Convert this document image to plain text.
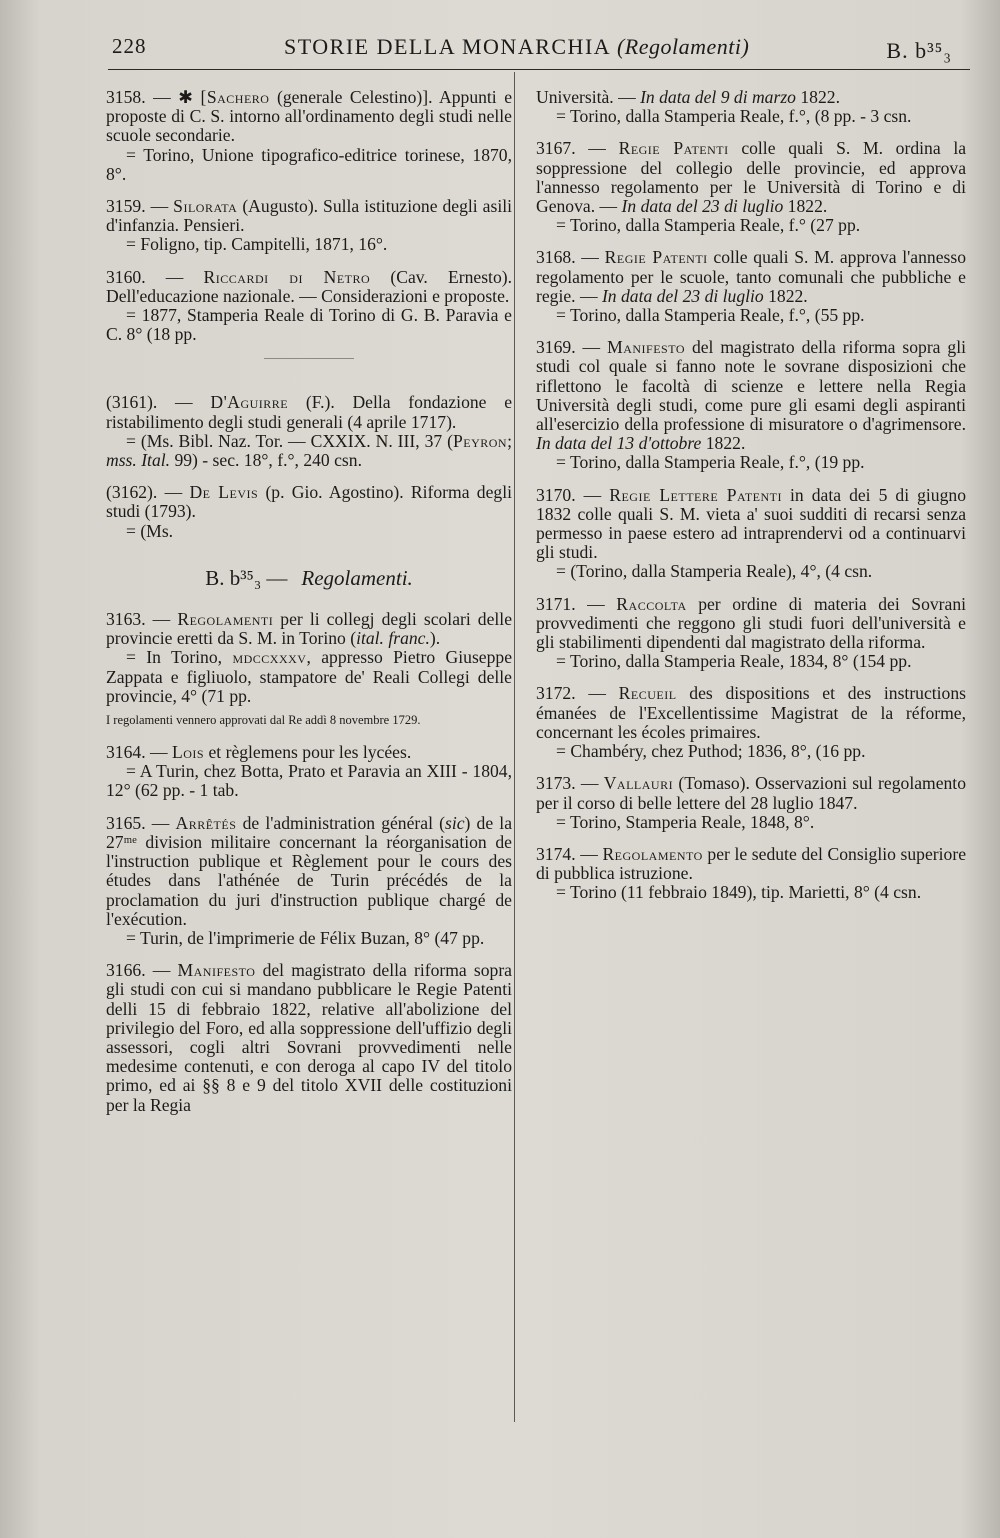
228	STORIE DELLA MONARCHIA (Regolamenti)	B. b³⁵₃

3158. — ✱ [Sachero (generale Celestino)]. Appunti e proposte di C. S. intorno all'ordinamento degli studi nelle scuole secondarie.
= Torino, Unione tipografico-editrice torinese, 1870, 8°.

3159. — Silorata (Augusto). Sulla istituzione degli asili d'infanzia. Pensieri.
= Foligno, tip. Campitelli, 1871, 16°.

3160. — Riccardi di Netro (Cav. Ernesto). Dell'educazione nazionale. — Considerazioni e proposte.
= 1877, Stamperia Reale di Torino di G. B. Paravia e C. 8° (18 pp.

(3161). — D'Aguirre (F.). Della fondazione e ristabilimento degli studi generali (4 aprile 1717).
= (Ms. Bibl. Naz. Tor. — CXXIX. N. III, 37 (Peyron; mss. Ital. 99) - sec. 18°, f.°, 240 csn.

(3162). — De Levis (p. Gio. Agostino). Riforma degli studi (1793).
= (Ms.

B. b³⁵₃ — Regolamenti.

3163. — Regolamenti per li collegj degli scolari delle provincie eretti da S. M. in Torino (ital. franc.).
= In Torino, mdccxxxv, appresso Pietro Giuseppe Zappata e figliuolo, stampatore de' Reali Collegi delle provincie, 4° (71 pp.

I regolamenti vennero approvati dal Re addì 8 novembre 1729.

3164. — Lois et règlemens pour les lycées.
= A Turin, chez Botta, Prato et Paravia an XIII - 1804, 12° (62 pp. - 1 tab.

3165. — Arrêtés de l'administration général (sic) de la 27ᵐᵉ division militaire concernant la réorganisation de l'instruction publique et Règlement pour le cours des études dans l'athénée de Turin précédés de la proclamation du juri d'instruction publique chargé de l'exécution.
= Turin, de l'imprimerie de Félix Buzan, 8° (47 pp.

3166. — Manifesto del magistrato della riforma sopra gli studi con cui si mandano pubblicare le Regie Patenti delli 15 di febbraio 1822, relative all'abolizione del privilegio del Foro, ed alla soppressione dell'uffizio degli assessori, cogli altri Sovrani provvedimenti nelle medesime contenuti, e con deroga al capo IV del titolo primo, ed ai §§ 8 e 9 del titolo XVII delle costituzioni per la Regia

Università. — In data del 9 di marzo 1822.
= Torino, dalla Stamperia Reale, f.°, (8 pp. - 3 csn.

3167. — Regie Patenti colle quali S. M. ordina la soppressione del collegio delle provincie, ed approva l'annesso regolamento per le Università di Torino e di Genova. — In data del 23 di luglio 1822.
= Torino, dalla Stamperia Reale, f.° (27 pp.

3168. — Regie Patenti colle quali S. M. approva l'annesso regolamento per le scuole, tanto comunali che pubbliche e regie. — In data del 23 di luglio 1822.
= Torino, dalla Stamperia Reale, f.°, (55 pp.

3169. — Manifesto del magistrato della riforma sopra gli studi col quale si fanno note le sovrane disposizioni che riflettono le facoltà di scienze e lettere nella Regia Università degli studi, come pure gli esami degli aspiranti all'esercizio della professione di misuratore o d'agrimensore. In data del 13 d'ottobre 1822.
= Torino, dalla Stamperia Reale, f.°, (19 pp.

3170. — Regie Lettere Patenti in data dei 5 di giugno 1832 colle quali S. M. vieta a' suoi sudditi di recarsi senza permesso in paese estero ad intraprendervi od a continuarvi gli studi.
= (Torino, dalla Stamperia Reale), 4°, (4 csn.

3171. — Raccolta per ordine di materia dei Sovrani provvedimenti che reggono gli studi fuori dell'università e gli stabilimenti dipendenti dal magistrato della riforma.
= Torino, dalla Stamperia Reale, 1834, 8° (154 pp.

3172. — Recueil des dispositions et des instructions émanées de l'Excellentissime Magistrat de la réforme, concernant les écoles primaires.
= Chambéry, chez Puthod; 1836, 8°, (16 pp.

3173. — Vallauri (Tomaso). Osservazioni sul regolamento per il corso di belle lettere del 28 luglio 1847.
= Torino, Stamperia Reale, 1848, 8°.

3174. — Regolamento per le sedute del Consiglio superiore di pubblica istruzione.
= Torino (11 febbraio 1849), tip. Marietti, 8° (4 csn.
